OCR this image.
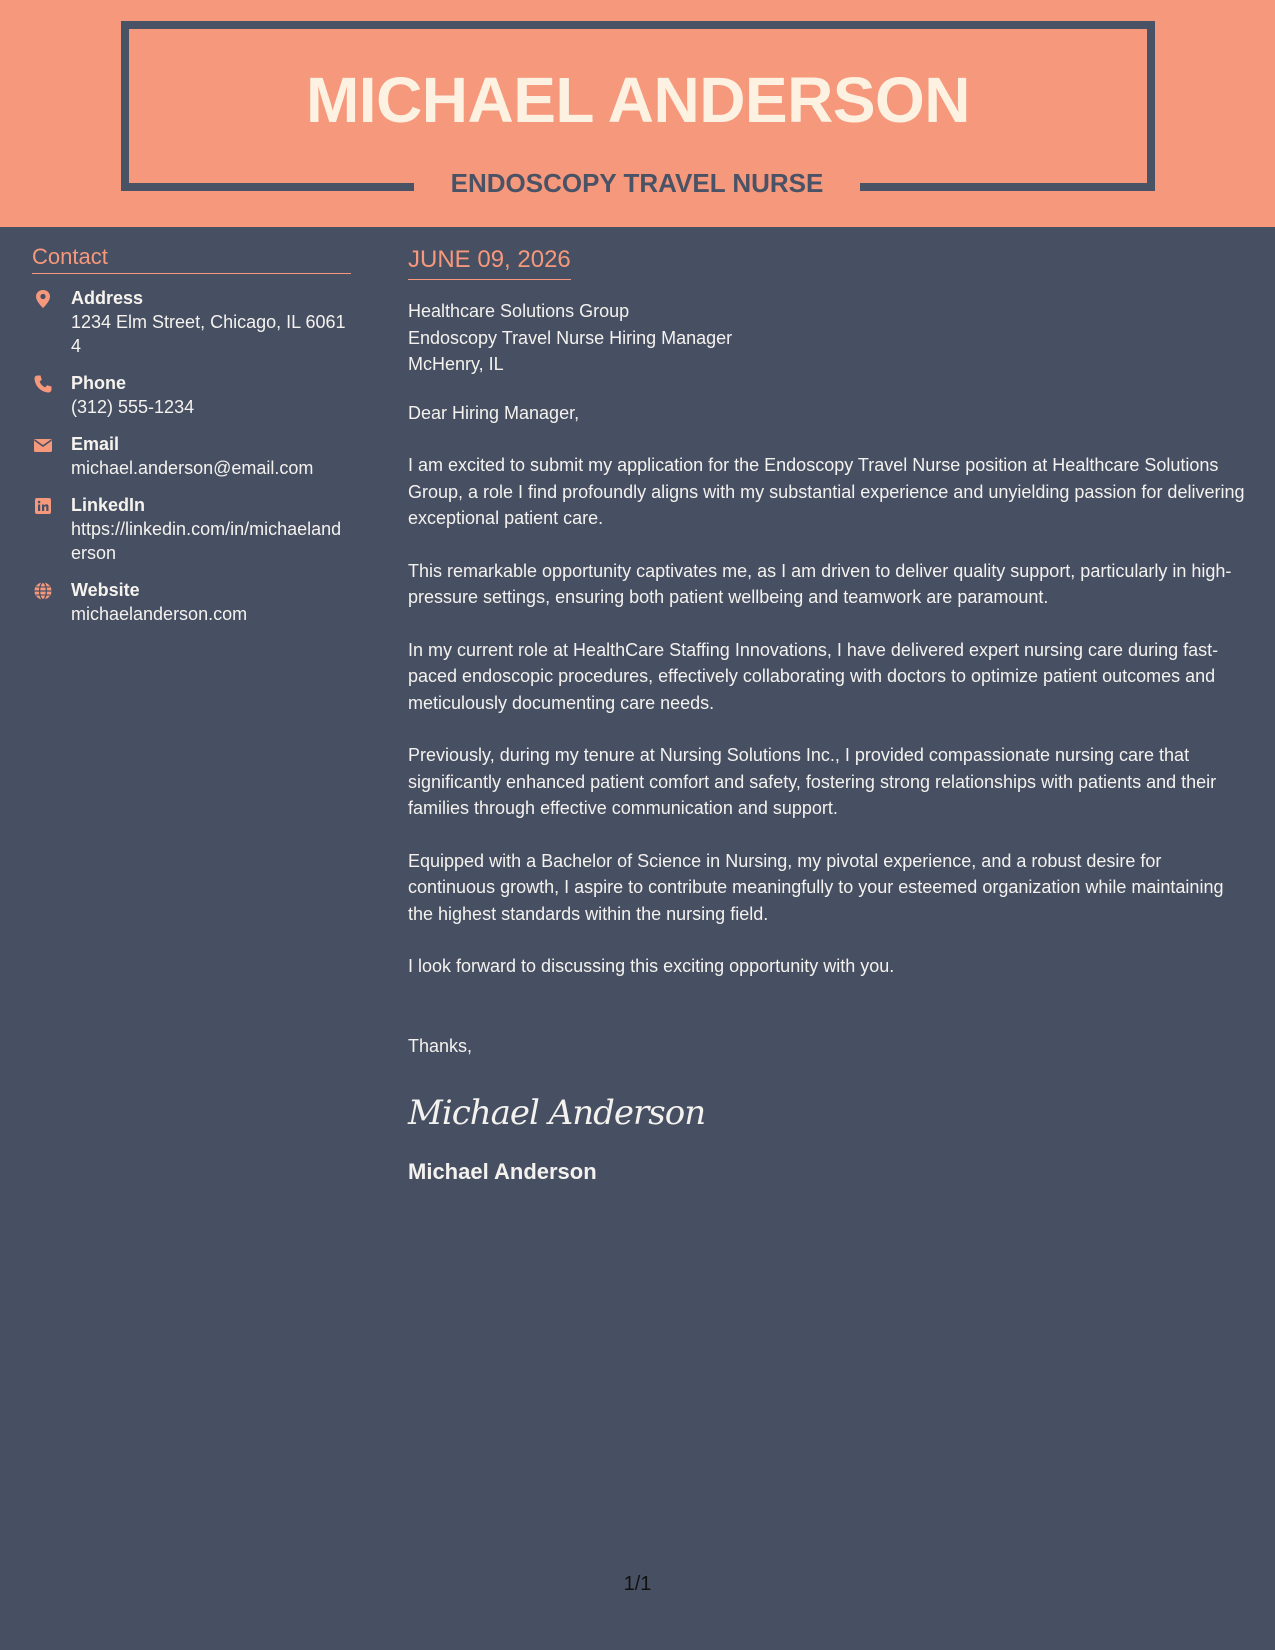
MICHAEL ANDERSON
ENDOSCOPY TRAVEL NURSE
Contact
Address
1234 Elm Street, Chicago, IL 60614
Phone
(312) 555-1234
Email
michael.anderson@email.com
LinkedIn
https://linkedin.com/in/michaelanderson
Website
michaelanderson.com
JUNE 09, 2026
Healthcare Solutions Group
Endoscopy Travel Nurse Hiring Manager
McHenry, IL
Dear Hiring Manager,

I am excited to submit my application for the Endoscopy Travel Nurse position at Healthcare Solutions Group, a role I find profoundly aligns with my substantial experience and unyielding passion for delivering exceptional patient care.

This remarkable opportunity captivates me, as I am driven to deliver quality support, particularly in high-pressure settings, ensuring both patient wellbeing and teamwork are paramount.

In my current role at HealthCare Staffing Innovations, I have delivered expert nursing care during fast-paced endoscopic procedures, effectively collaborating with doctors to optimize patient outcomes and meticulously documenting care needs.

Previously, during my tenure at Nursing Solutions Inc., I provided compassionate nursing care that significantly enhanced patient comfort and safety, fostering strong relationships with patients and their families through effective communication and support.

Equipped with a Bachelor of Science in Nursing, my pivotal experience, and a robust desire for continuous growth, I aspire to contribute meaningfully to your esteemed organization while maintaining the highest standards within the nursing field.

I look forward to discussing this exciting opportunity with you.

Thanks,
Michael Anderson
Michael Anderson
1/1
